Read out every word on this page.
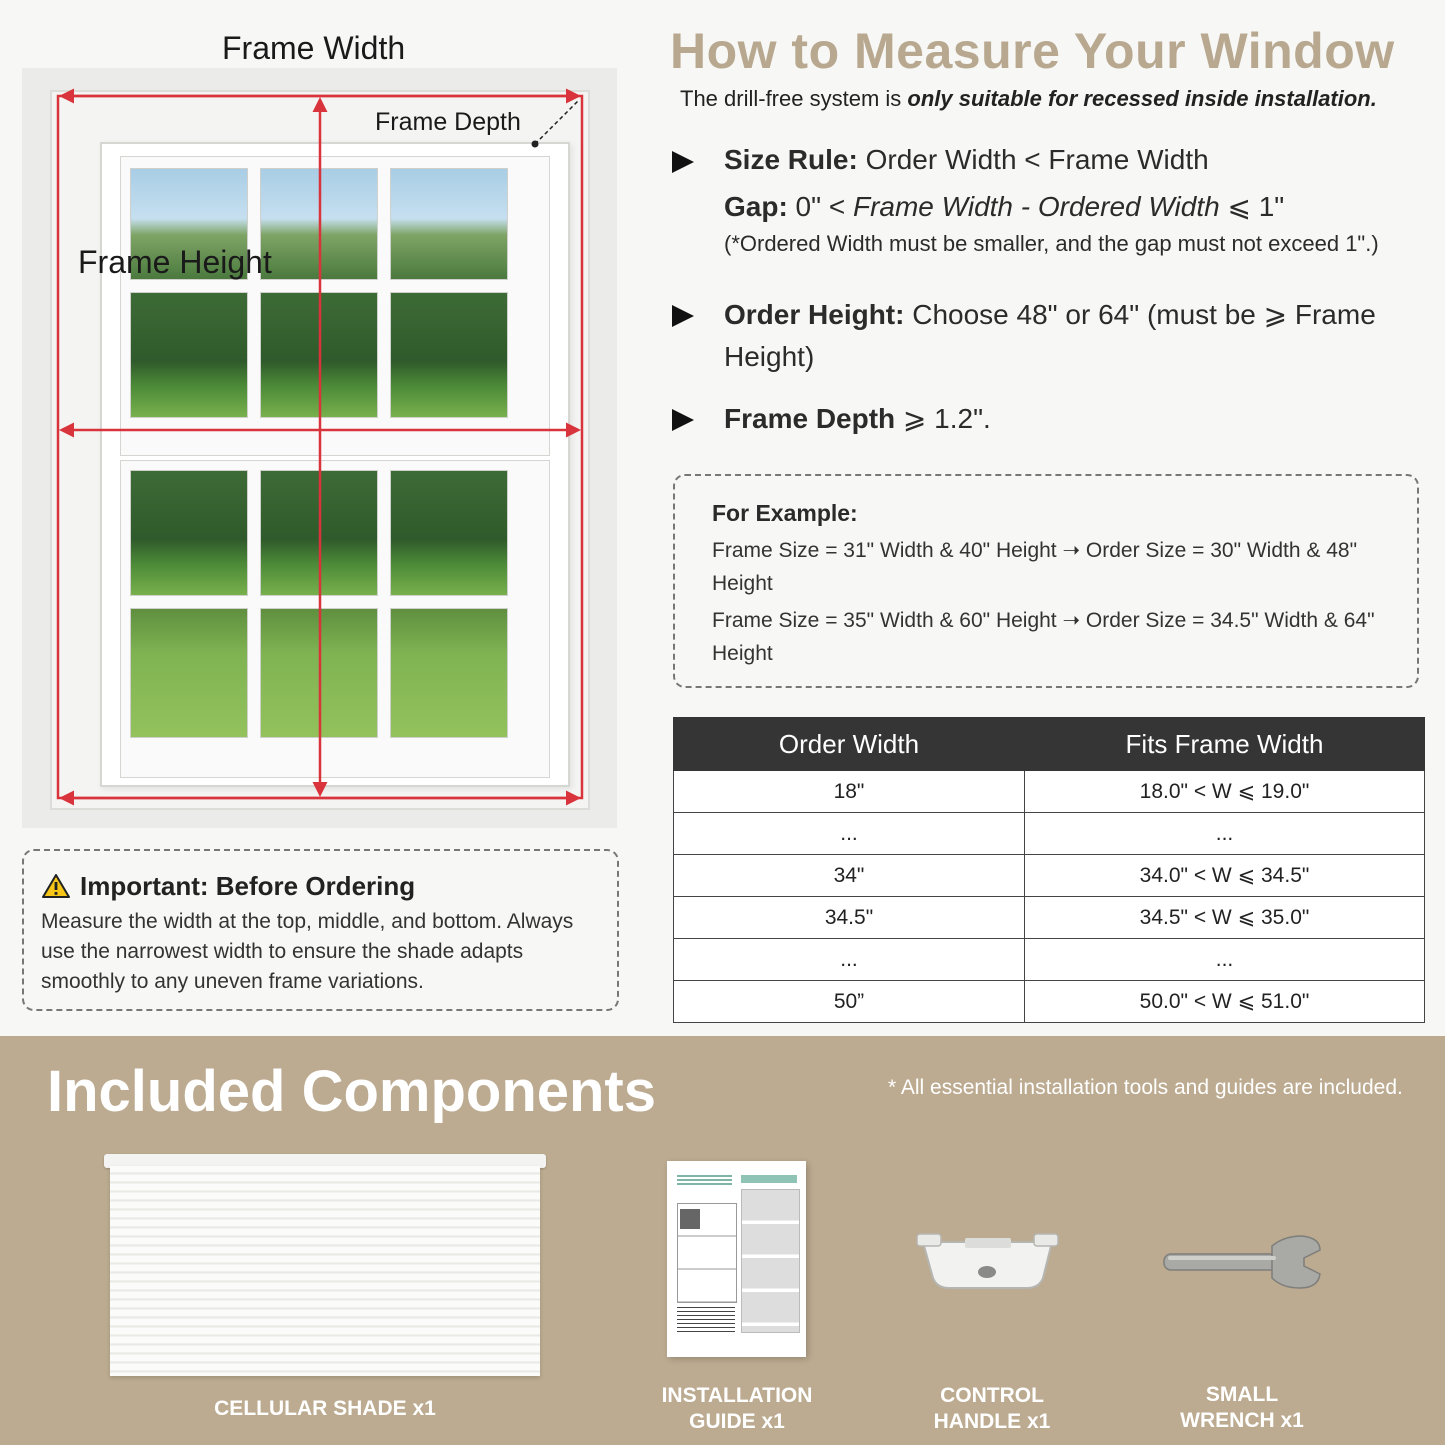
Frame Width
Frame Depth
Frame Height
How to Measure Your Window
The drill-free system is only suitable for recessed inside installation.
Size Rule: Order Width < Frame Width
Gap: 0" < Frame Width - Ordered Width ⩽ 1"
(*Ordered Width must be smaller, and the gap must not exceed 1".)
Order Height: Choose 48" or 64" (must be ⩾ Frame Height)
Frame Depth ⩾ 1.2".
For Example:
Frame Size = 31" Width & 40" Height ➝ Order Size = 30" Width & 48" Height
Frame Size = 35" Width & 60" Height ➝ Order Size = 34.5" Width & 64" Height
Order Width	Fits Frame Width
18"	18.0" < W ⩽ 19.0"
...	...
34"	34.0" < W ⩽ 34.5"
34.5"	34.5" < W ⩽ 35.0"
...	...
50”	50.0" < W ⩽ 51.0"
Important: Before Ordering
Measure the width at the top, middle, and bottom. Always use the narrowest width to ensure the shade adapts smoothly to any uneven frame variations.
Included Components	* All essential installation tools and guides are included.
CELLULAR SHADE x1
INSTALLATION
GUIDE x1
CONTROL
HANDLE x1
SMALL
WRENCH x1
